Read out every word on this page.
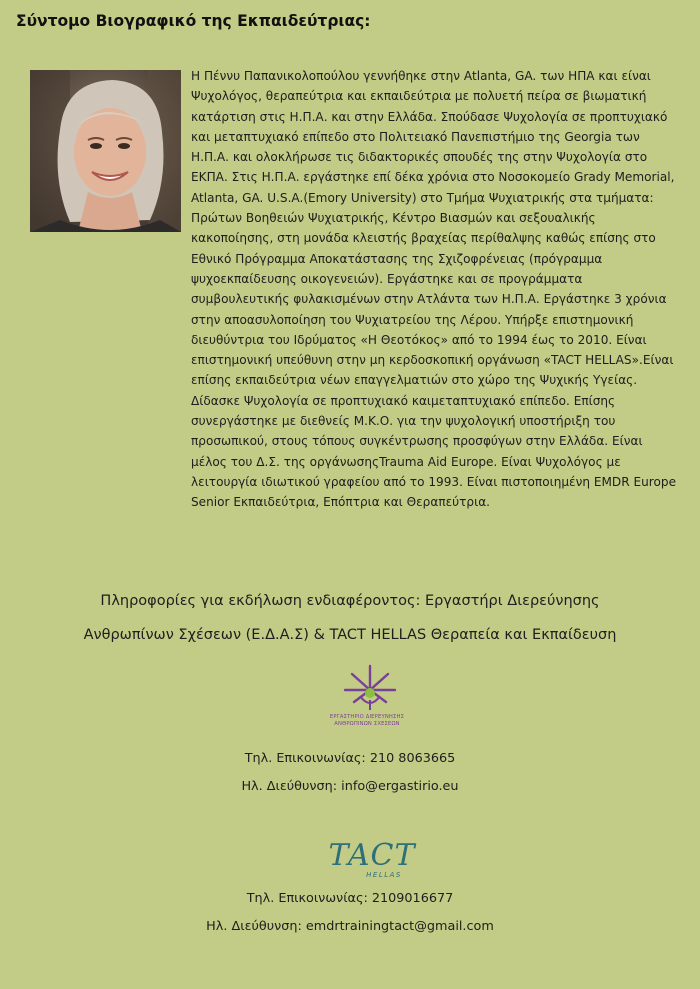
Σύντομο Βιογραφικό της Εκπαιδεύτριας:

Η Πέννυ Παπανικολοπούλου γεννήθηκε στην Atlanta, GA. των ΗΠΑ και είναι Ψυχολόγος, θεραπεύτρια και εκπαιδεύτρια με πολυετή πείρα σε βιωματική κατάρτιση στις Η.Π.Α. και στην Ελλάδα. Σπούδασε Ψυχολογία σε προπτυχιακό και μεταπτυχιακό επίπεδο στο Πολιτειακό Πανεπιστήμιο της Georgia των Η.Π.Α. και ολοκλήρωσε τις διδακτορικές σπουδές της στην Ψυχολογία στο ΕΚΠΑ. Στις Η.Π.Α. εργάστηκε επί δέκα χρόνια στο Νοσοκομείο Grady Memorial, Atlanta, GA. U.S.A.(Emory University) στο Τμήμα Ψυχιατρικής στα τμήματα: Πρώτων Βοηθειών Ψυχιατρικής, Κέντρο Βιασμών και σεξουαλικής κακοποίησης, στη μονάδα κλειστής βραχείας περίθαλψης καθώς επίσης στο Εθνικό Πρόγραμμα Αποκατάστασης της Σχιζοφρένειας (πρόγραμμα ψυχοεκπαίδευσης οικογενειών). Εργάστηκε και σε προγράμματα συμβουλευτικής φυλακισμένων στην Ατλάντα των Η.Π.Α. Εργάστηκε 3 χρόνια στην αποασυλοποίηση του Ψυχιατρείου της Λέρου. Υπήρξε επιστημονική διευθύντρια του Ιδρύματος «Η Θεοτόκος» από το 1994 έως το 2010. Είναι επιστημονική υπεύθυνη στην μη κερδοσκοπική οργάνωση «TACT HELLAS».Είναι επίσης εκπαιδεύτρια νέων επαγγελματιών στο χώρο της Ψυχικής Υγείας. Δίδασκε Ψυχολογία σε προπτυχιακό καιμεταπτυχιακό επίπεδο. Επίσης συνεργάστηκε με διεθνείς Μ.Κ.Ο. για την ψυχολογική υποστήριξη του προσωπικού, στους τόπους συγκέντρωσης προσφύγων στην Ελλάδα. Είναι μέλος του Δ.Σ. της οργάνωσηςTrauma Aid Europe. Είναι Ψυχολόγος με λειτουργία ιδιωτικού γραφείου από το 1993. Είναι πιστοποιημένη EMDR Europe Senior Εκπαιδεύτρια, Επόπτρια και Θεραπεύτρια.

Πληροφορίες για εκδήλωση ενδιαφέροντος: Εργαστήρι Διερεύνησης
Ανθρωπίνων Σχέσεων (Ε.Δ.Α.Σ) & TACT HELLAS Θεραπεία και Εκπαίδευση
ΕΡΓΑΣΤΗΡΙΟ ΔΙΕΡΕΥΝΗΣΗΣ
ΑΝΘΡΩΠΙΝΩΝ ΣΧΕΣΕΩΝ
Τηλ. Επικοινωνίας: 210 8063665
Ηλ. Διεύθυνση: info@ergastirio.eu
TACT
HELLAS
Τηλ. Επικοινωνίας: 2109016677
Ηλ. Διεύθυνση: emdrtrainingtact@gmail.com
